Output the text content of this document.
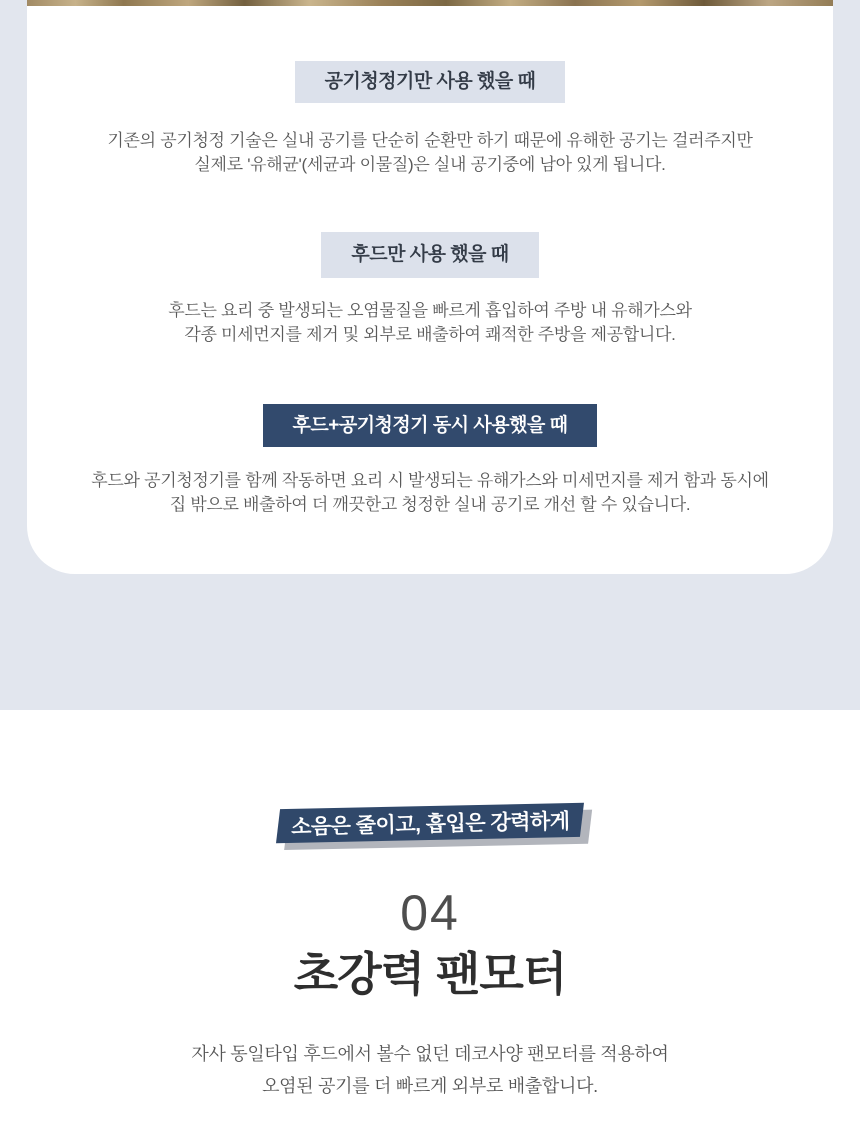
공기청정기만 사용 했을 때

기존의 공기청정 기술은 실내 공기를 단순히 순환만 하기 때문에 유해한 공기는 걸러주지만
실제로 '유해균'(세균과 이물질)은 실내 공기중에 남아 있게 됩니다.

후드만 사용 했을 때

후드는 요리 중 발생되는 오염물질을 빠르게 흡입하여 주방 내 유해가스와
각종 미세먼지를 제거 및 외부로 배출하여 쾌적한 주방을 제공합니다.

후드+공기청정기 동시 사용했을 때

후드와 공기청정기를 함께 작동하면 요리 시 발생되는 유해가스와 미세먼지를 제거 함과 동시에
집 밖으로 배출하여 더 깨끗한고 청정한 실내 공기로 개선 할 수 있습니다.

소음은 줄이고, 흡입은 강력하게
04
초강력 팬모터

자사 동일타입 후드에서 볼수 없던 데코사양 팬모터를 적용하여
오염된 공기를 더 빠르게 외부로 배출합니다.
